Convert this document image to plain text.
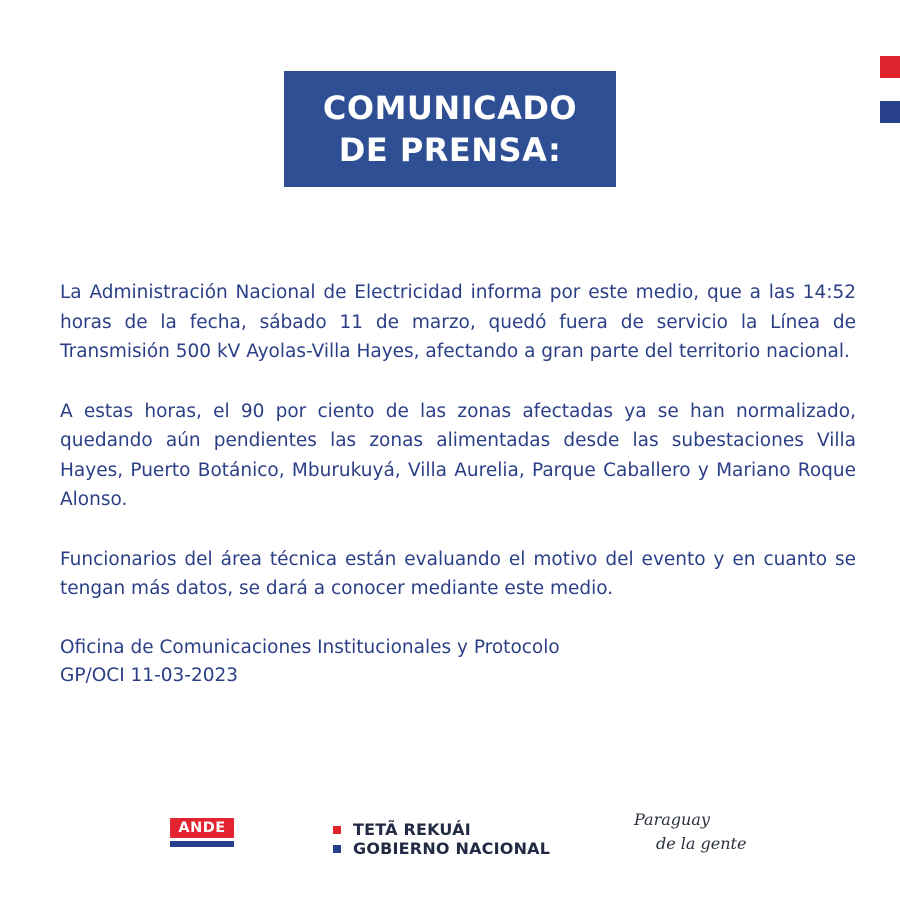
COMUNICADO
DE PRENSA:

La Administración Nacional de Electricidad informa por este medio, que a las 14:52 horas de la fecha, sábado 11 de marzo, quedó fuera de servicio la Línea de Transmisión 500 kV Ayolas-Villa Hayes, afectando a gran parte del territorio nacional.

A estas horas, el 90 por ciento de las zonas afectadas ya se han normalizado, quedando aún pendientes las zonas alimentadas desde las subestaciones Villa Hayes, Puerto Botánico, Mburukuyá, Villa Aurelia, Parque Caballero y Mariano Roque Alonso.

Funcionarios del área técnica están evaluando el motivo del evento y en cuanto se tengan más datos, se dará a conocer mediante este medio.

Oficina de Comunicaciones Institucionales y Protocolo
GP/OCI 11-03-2023

ANDE	TETÃ REKUÁI
GOBIERNO NACIONAL
Paraguay
de la gente
